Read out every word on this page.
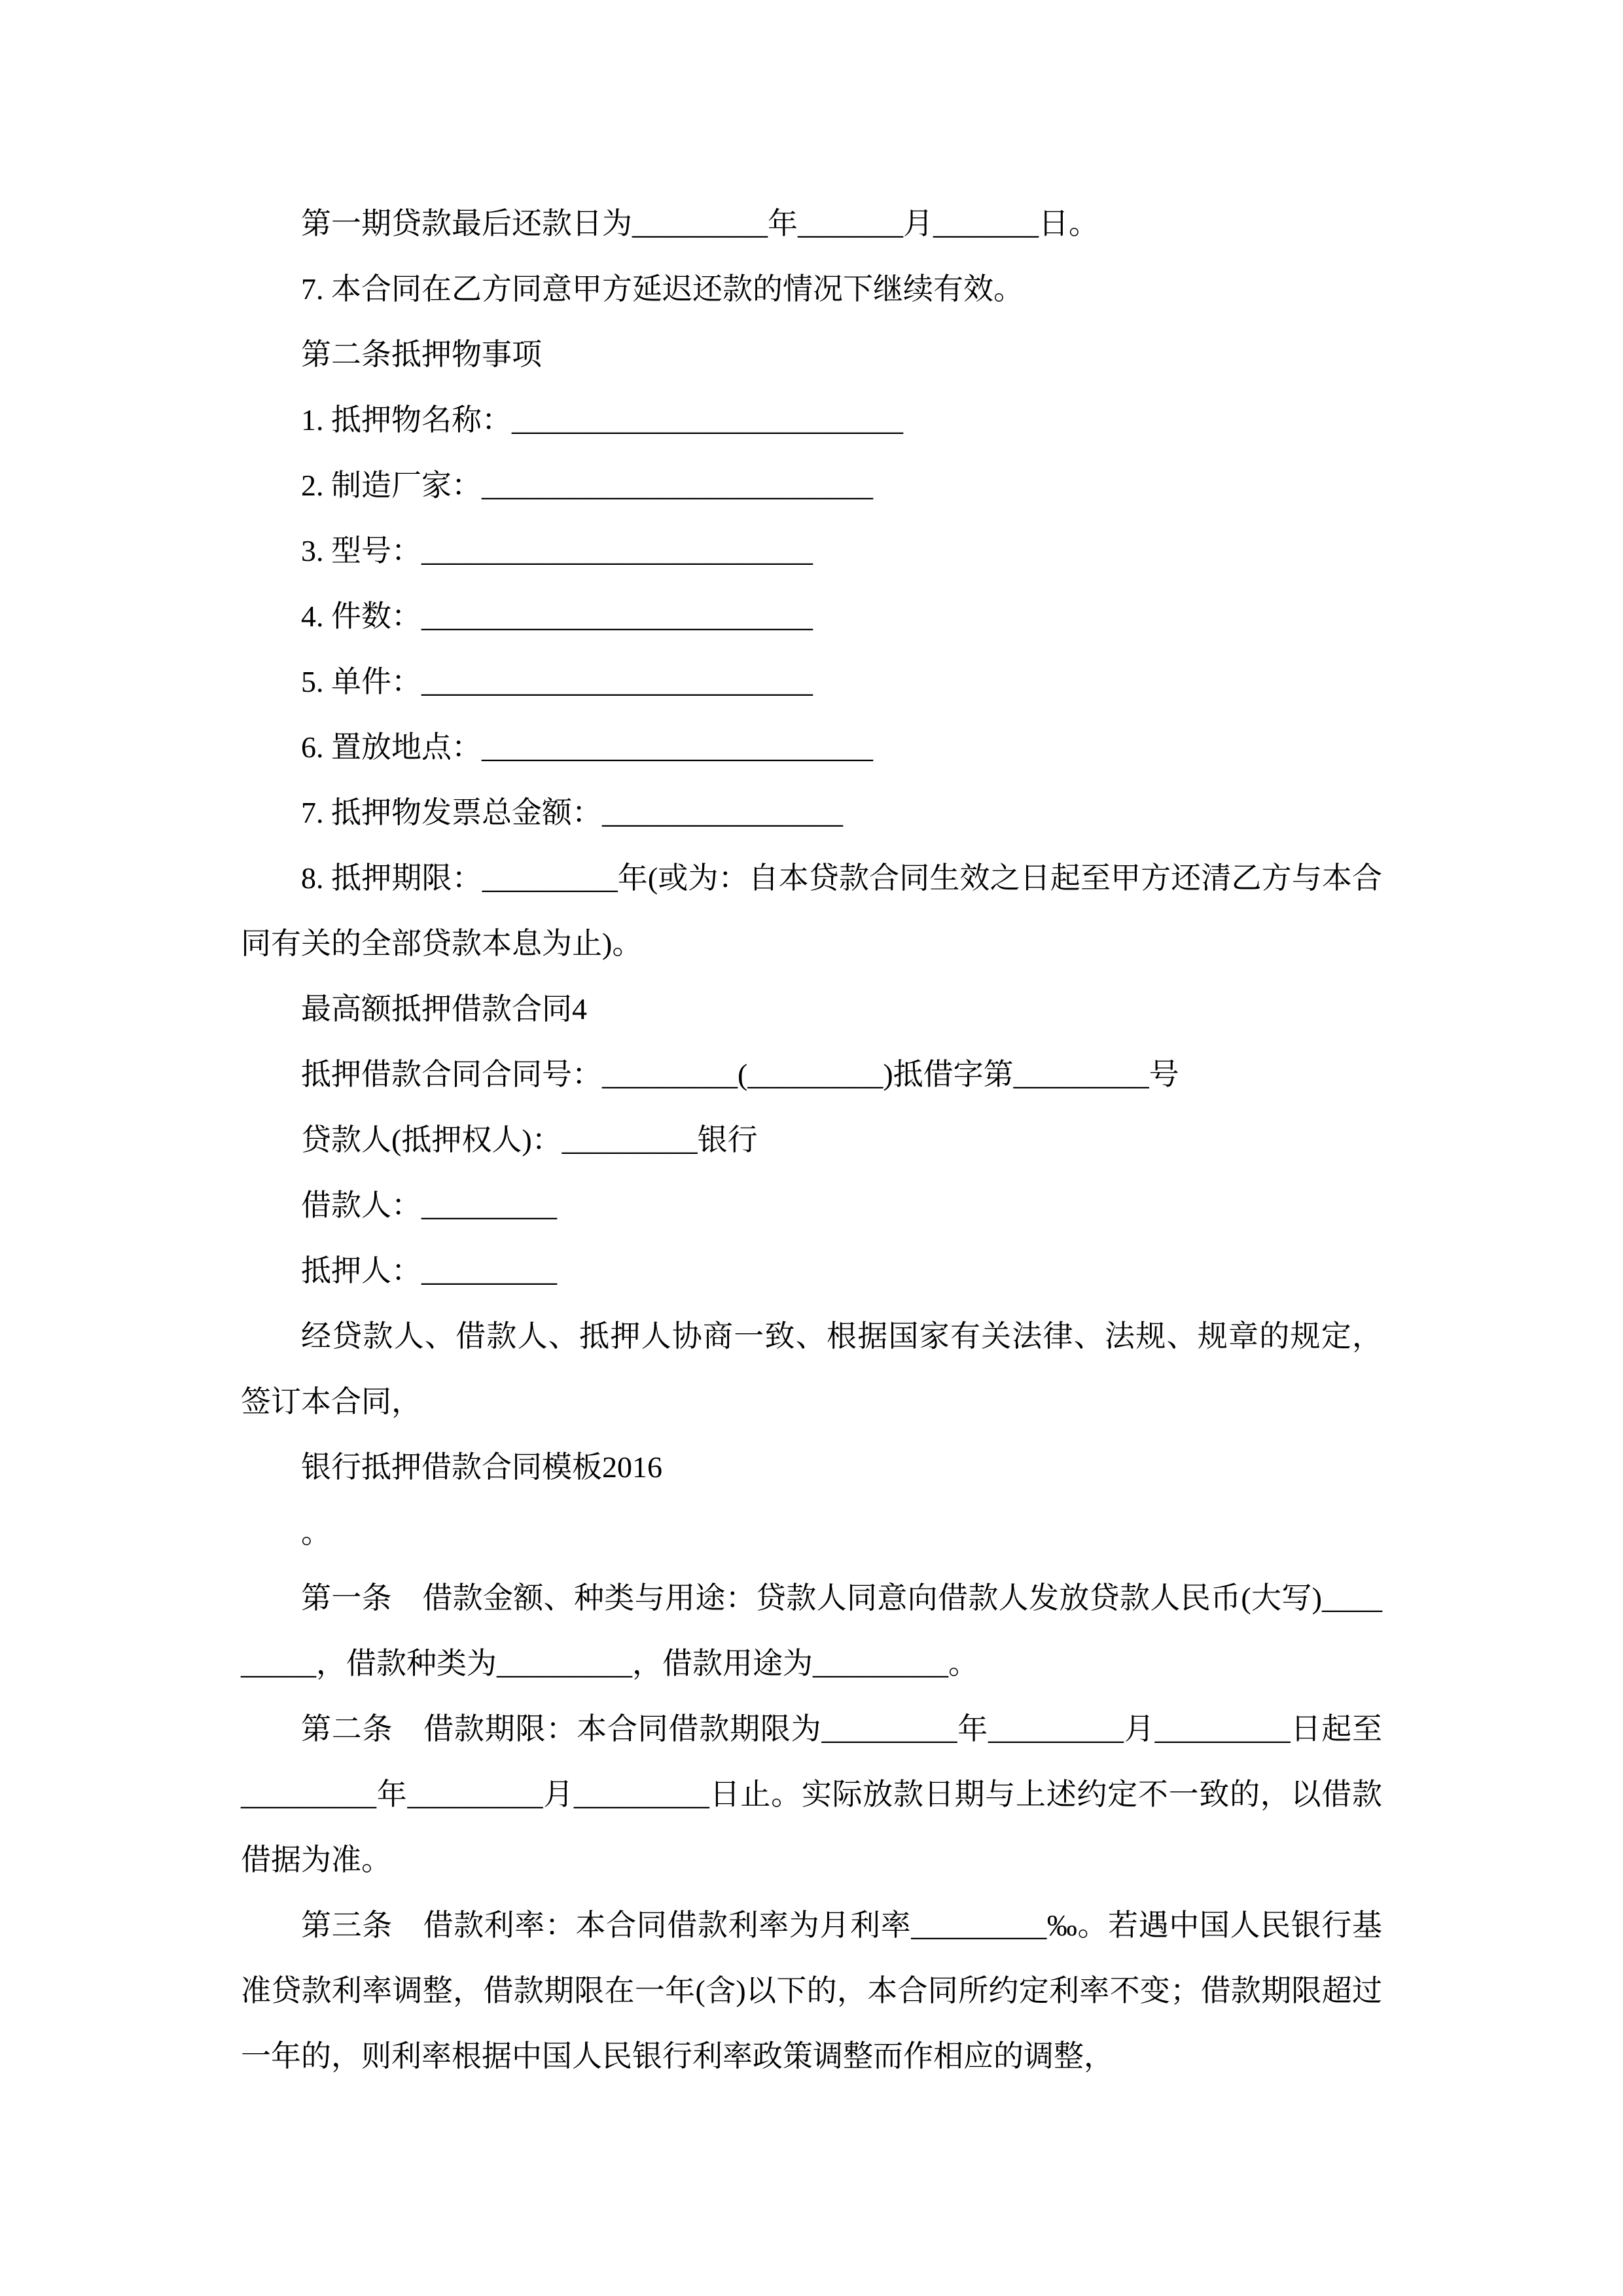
第一期贷款最后还款日为_________年_______月_______日。

7. 本合同在乙方同意甲方延迟还款的情况下继续有效。

第二条抵押物事项

1. 抵押物名称：__________________________

2. 制造厂家：__________________________

3. 型号：__________________________

4. 件数：__________________________

5. 单件：__________________________

6. 置放地点：__________________________

7. 抵押物发票总金额：________________

8. 抵押期限：_________年(或为：自本贷款合同生效之日起至甲方还清乙方与本合同有关的全部贷款本息为止)。

最高额抵押借款合同4

抵押借款合同合同号：_________(_________)抵借字第_________号

贷款人(抵押权人)：_________银行

借款人：_________

抵押人：_________

经贷款人、借款人、抵押人协商一致、根据国家有关法律、法规、规章的规定，签订本合同，

银行抵押借款合同模板2016

。

第一条　借款金额、种类与用途：贷款人同意向借款人发放贷款人民币(大写)_________，借款种类为_________，借款用途为_________。

第二条　借款期限：本合同借款期限为_________年_________月_________日起至_________年_________月_________日止。实际放款日期与上述约定不一致的，以借款借据为准。

第三条　借款利率：本合同借款利率为月利率_________‰。若遇中国人民银行基准贷款利率调整，借款期限在一年(含)以下的，本合同所约定利率不变；借款期限超过一年的，则利率根据中国人民银行利率政策调整而作相应的调整，
